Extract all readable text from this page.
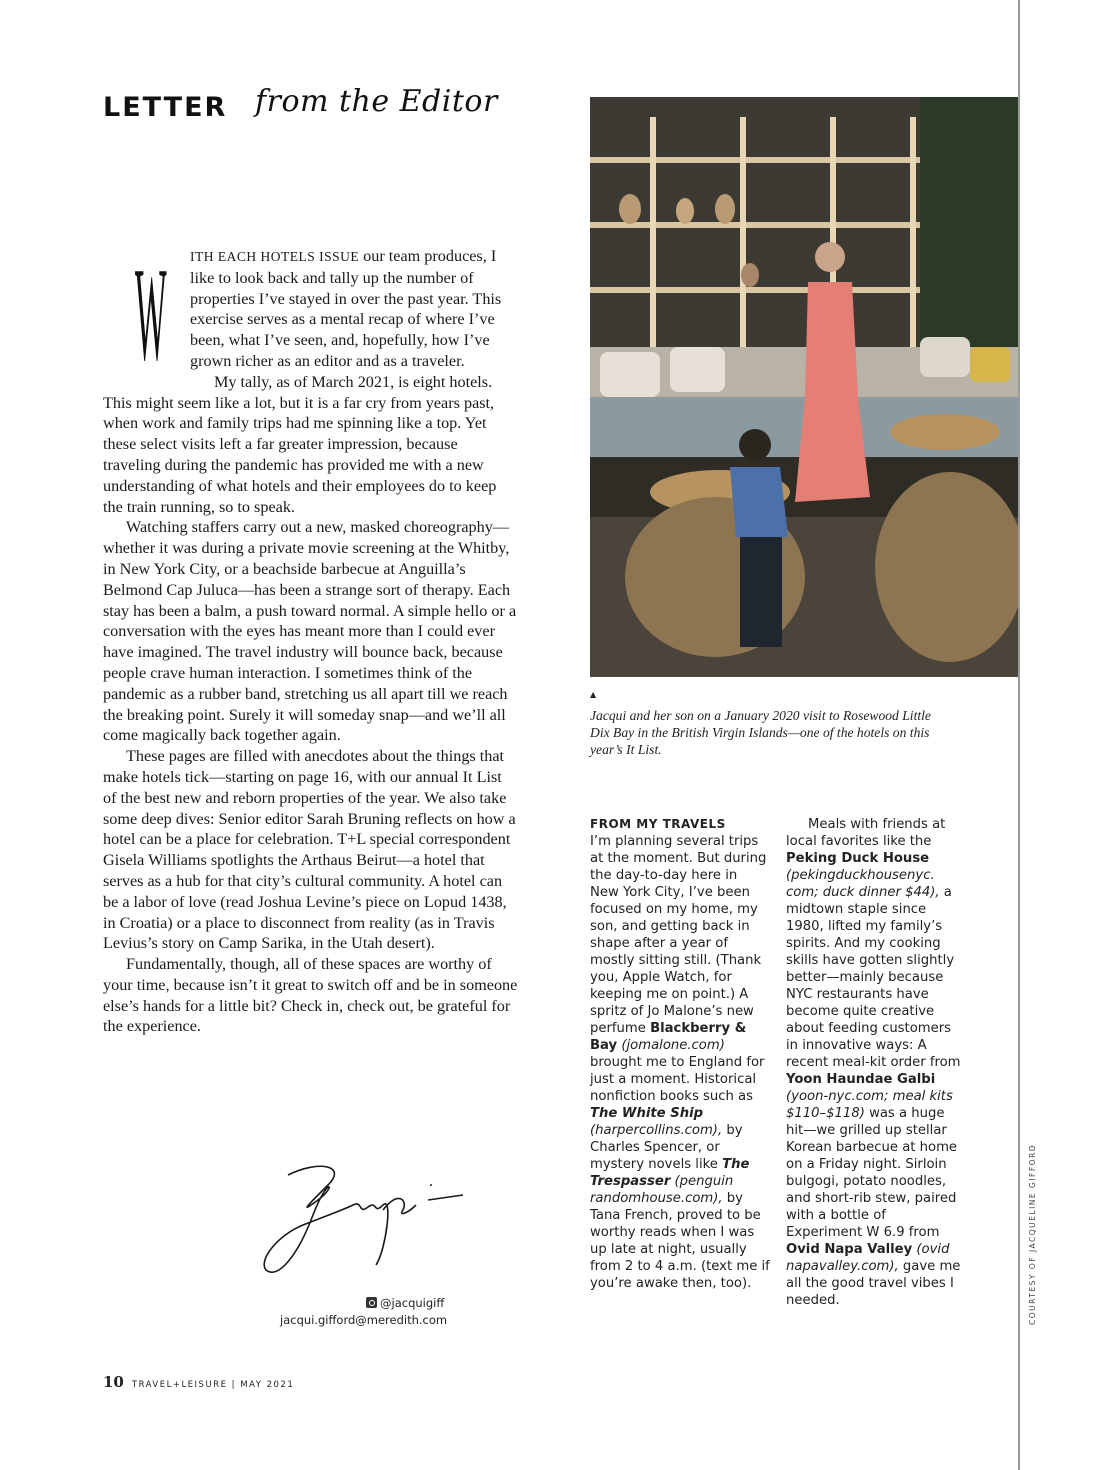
LETTER from the Editor
W ITH EACH HOTELS ISSUE our team produces, I like to look back and tally up the number of properties I’ve stayed in over the past year. This exercise serves as a mental recap of where I’ve been, what I’ve seen, and, hopefully, how I’ve grown richer as an editor and as a traveler.

My tally, as of March 2021, is eight hotels. This might seem like a lot, but it is a far cry from years past, when work and family trips had me spinning like a top. Yet these select visits left a far greater impression, because traveling during the pandemic has provided me with a new understanding of what hotels and their employees do to keep the train running, so to speak.

Watching staffers carry out a new, masked choreography—whether it was during a private movie screening at the Whitby, in New York City, or a beachside barbecue at Anguilla’s Belmond Cap Juluca—has been a strange sort of therapy. Each stay has been a balm, a push toward normal. A simple hello or a conversation with the eyes has meant more than I could ever have imagined. The travel industry will bounce back, because people crave human interaction. I sometimes think of the pandemic as a rubber band, stretching us all apart till we reach the breaking point. Surely it will someday snap—and we’ll all come magically back together again.

These pages are filled with anecdotes about the things that make hotels tick—starting on page 16, with our annual It List of the best new and reborn properties of the year. We also take some deep dives: Senior editor Sarah Bruning reflects on how a hotel can be a place for celebration. T+L special correspondent Gisela Williams spotlights the Arthaus Beirut—a hotel that serves as a hub for that city’s cultural community. A hotel can be a labor of love (read Joshua Levine’s piece on Lopud 1438, in Croatia) or a place to disconnect from reality (as in Travis Levius’s story on Camp Sarika, in the Utah desert).

Fundamentally, though, all of these spaces are worthy of your time, because isn’t it great to switch off and be in someone else’s hands for a little bit? Check in, check out, be grateful for the experience.

▲
Jacqui and her son on a January 2020 visit to Rosewood Little Dix Bay in the British Virgin Islands—one of the hotels on this year’s It List.

FROM MY TRAVELS
I’m planning several trips at the moment. But during the day-to-day here in New York City, I’ve been focused on my home, my son, and getting back in shape after a year of mostly sitting still. (Thank you, Apple Watch, for keeping me on point.) A spritz of Jo Malone’s new perfume Blackberry & Bay (jomalone.com) brought me to England for just a moment. Historical nonfiction books such as The White Ship (harpercollins.com), by Charles Spencer, or mystery novels like The Trespasser (penguin randomhouse.com), by Tana French, proved to be worthy reads when I was up late at night, usually from 2 to 4 a.m. (text me if you’re awake then, too).

Meals with friends at local favorites like the Peking Duck House (pekingduckhousenyc. com; duck dinner $44), a midtown staple since 1980, lifted my family’s spirits. And my cooking skills have gotten slightly better—mainly because NYC restaurants have become quite creative about feeding customers in innovative ways: A recent meal-kit order from Yoon Haundae Galbi (yoon-nyc.com; meal kits $110–$118) was a huge hit—we grilled up stellar Korean barbecue at home on a Friday night. Sirloin bulgogi, potato noodles, and short-rib stew, paired with a bottle of Experiment W 6.9 from Ovid Napa Valley (ovid napavalley.com), gave me all the good travel vibes I needed.

@jacquigiff
jacqui.gifford@meredith.com
10 TRAVEL+LEISURE | MAY 2021
COURTESY OF JACQUELINE GIFFORD
